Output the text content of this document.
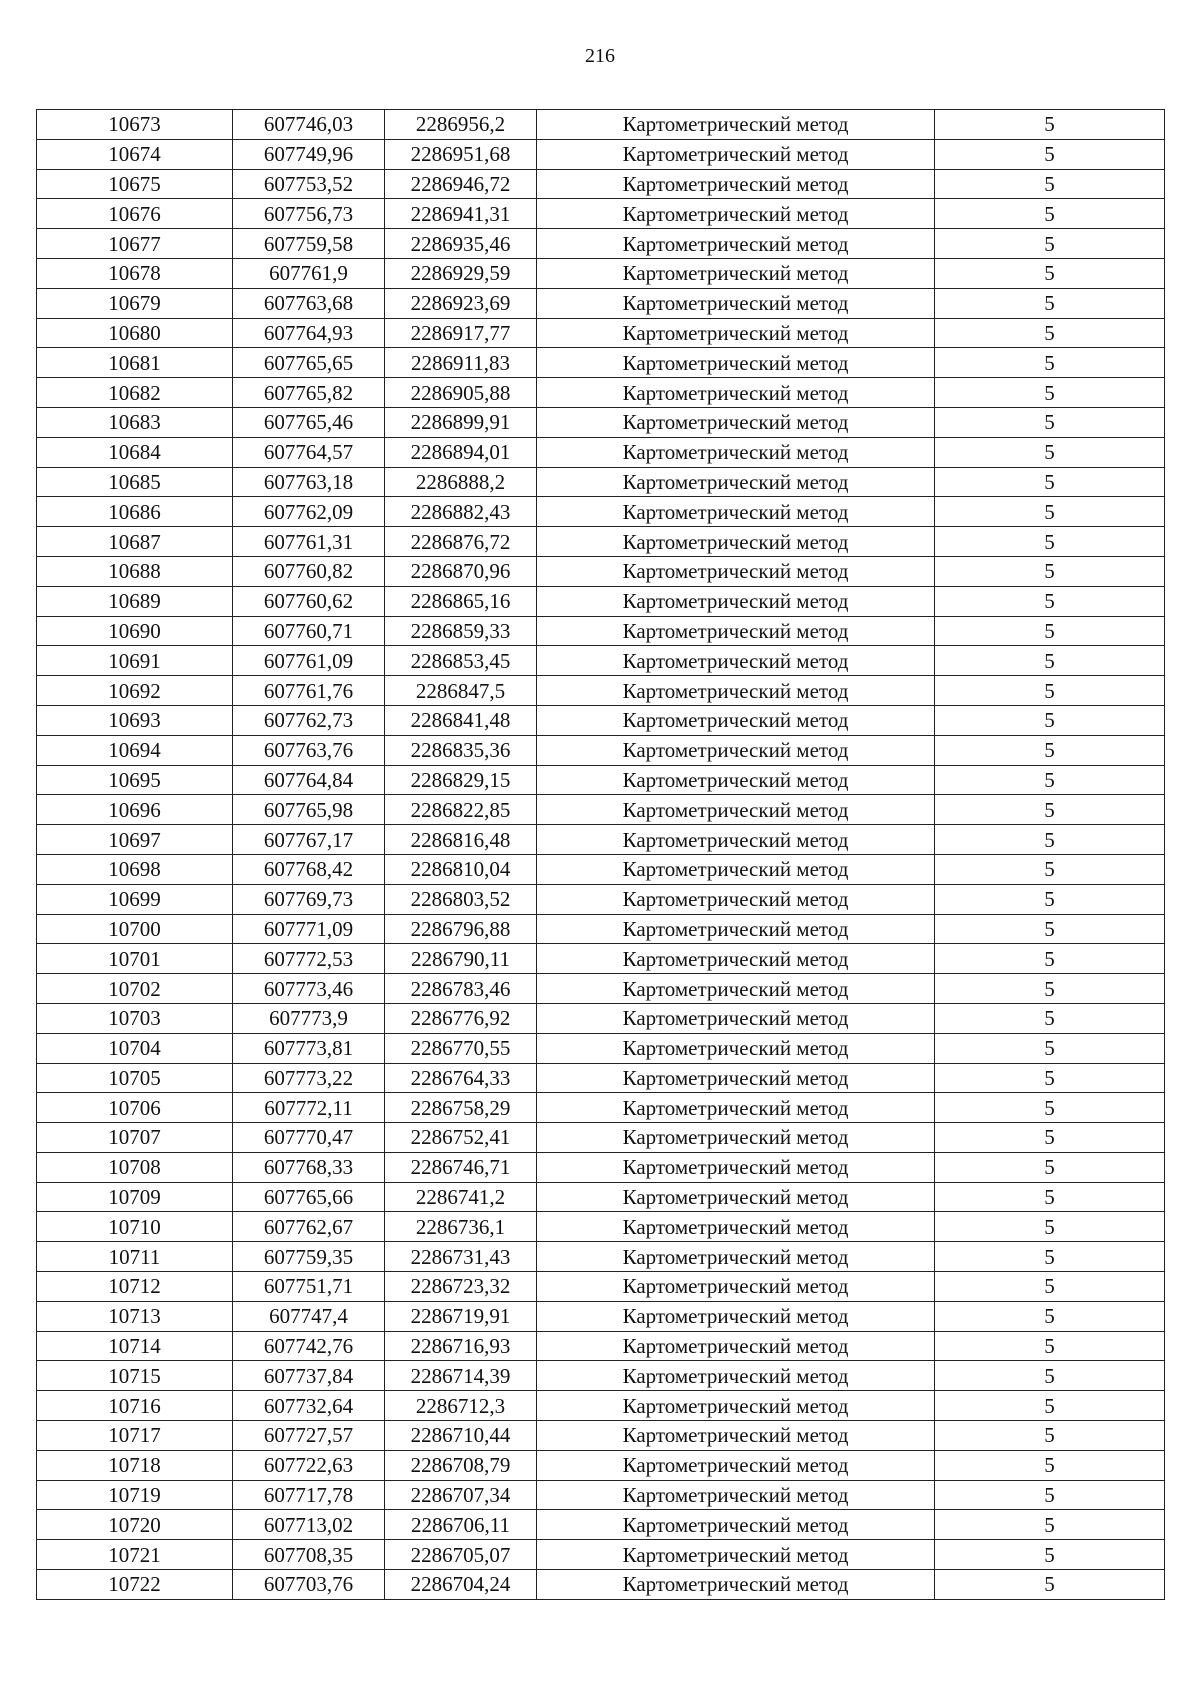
216
10673	607746,03	2286956,2	Картометрический метод	5
10674	607749,96	2286951,68	Картометрический метод	5
10675	607753,52	2286946,72	Картометрический метод	5
10676	607756,73	2286941,31	Картометрический метод	5
10677	607759,58	2286935,46	Картометрический метод	5
10678	607761,9	2286929,59	Картометрический метод	5
10679	607763,68	2286923,69	Картометрический метод	5
10680	607764,93	2286917,77	Картометрический метод	5
10681	607765,65	2286911,83	Картометрический метод	5
10682	607765,82	2286905,88	Картометрический метод	5
10683	607765,46	2286899,91	Картометрический метод	5
10684	607764,57	2286894,01	Картометрический метод	5
10685	607763,18	2286888,2	Картометрический метод	5
10686	607762,09	2286882,43	Картометрический метод	5
10687	607761,31	2286876,72	Картометрический метод	5
10688	607760,82	2286870,96	Картометрический метод	5
10689	607760,62	2286865,16	Картометрический метод	5
10690	607760,71	2286859,33	Картометрический метод	5
10691	607761,09	2286853,45	Картометрический метод	5
10692	607761,76	2286847,5	Картометрический метод	5
10693	607762,73	2286841,48	Картометрический метод	5
10694	607763,76	2286835,36	Картометрический метод	5
10695	607764,84	2286829,15	Картометрический метод	5
10696	607765,98	2286822,85	Картометрический метод	5
10697	607767,17	2286816,48	Картометрический метод	5
10698	607768,42	2286810,04	Картометрический метод	5
10699	607769,73	2286803,52	Картометрический метод	5
10700	607771,09	2286796,88	Картометрический метод	5
10701	607772,53	2286790,11	Картометрический метод	5
10702	607773,46	2286783,46	Картометрический метод	5
10703	607773,9	2286776,92	Картометрический метод	5
10704	607773,81	2286770,55	Картометрический метод	5
10705	607773,22	2286764,33	Картометрический метод	5
10706	607772,11	2286758,29	Картометрический метод	5
10707	607770,47	2286752,41	Картометрический метод	5
10708	607768,33	2286746,71	Картометрический метод	5
10709	607765,66	2286741,2	Картометрический метод	5
10710	607762,67	2286736,1	Картометрический метод	5
10711	607759,35	2286731,43	Картометрический метод	5
10712	607751,71	2286723,32	Картометрический метод	5
10713	607747,4	2286719,91	Картометрический метод	5
10714	607742,76	2286716,93	Картометрический метод	5
10715	607737,84	2286714,39	Картометрический метод	5
10716	607732,64	2286712,3	Картометрический метод	5
10717	607727,57	2286710,44	Картометрический метод	5
10718	607722,63	2286708,79	Картометрический метод	5
10719	607717,78	2286707,34	Картометрический метод	5
10720	607713,02	2286706,11	Картометрический метод	5
10721	607708,35	2286705,07	Картометрический метод	5
10722	607703,76	2286704,24	Картометрический метод	5
